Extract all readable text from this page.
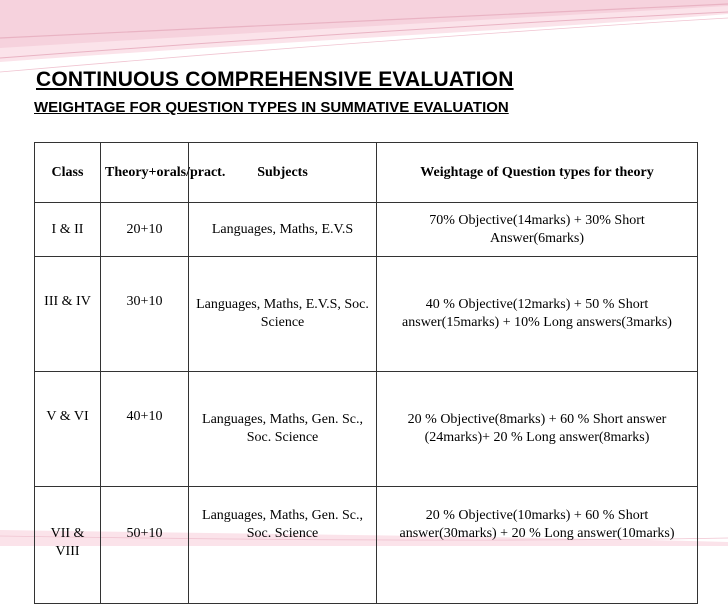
CONTINUOUS COMPREHENSIVE EVALUATION
WEIGHTAGE FOR QUESTION TYPES IN SUMMATIVE EVALUATION
Class	Theory+orals/pract.	Subjects	Weightage of Question types for theory
I & II	20+10	Languages, Maths, E.V.S	70% Objective(14marks) + 30% Short Answer(6marks)
III & IV	30+10	Languages, Maths, E.V.S, Soc. Science	40 % Objective(12marks) + 50 % Short answer(15marks) + 10% Long answers(3marks)
V & VI	40+10	Languages, Maths, Gen. Sc., Soc. Science	20 % Objective(8marks) + 60 % Short answer (24marks)+ 20 % Long answer(8marks)
VII & VIII	50+10	Languages, Maths, Gen. Sc., Soc. Science	20 % Objective(10marks) + 60 % Short answer(30marks) + 20 % Long answer(10marks)
